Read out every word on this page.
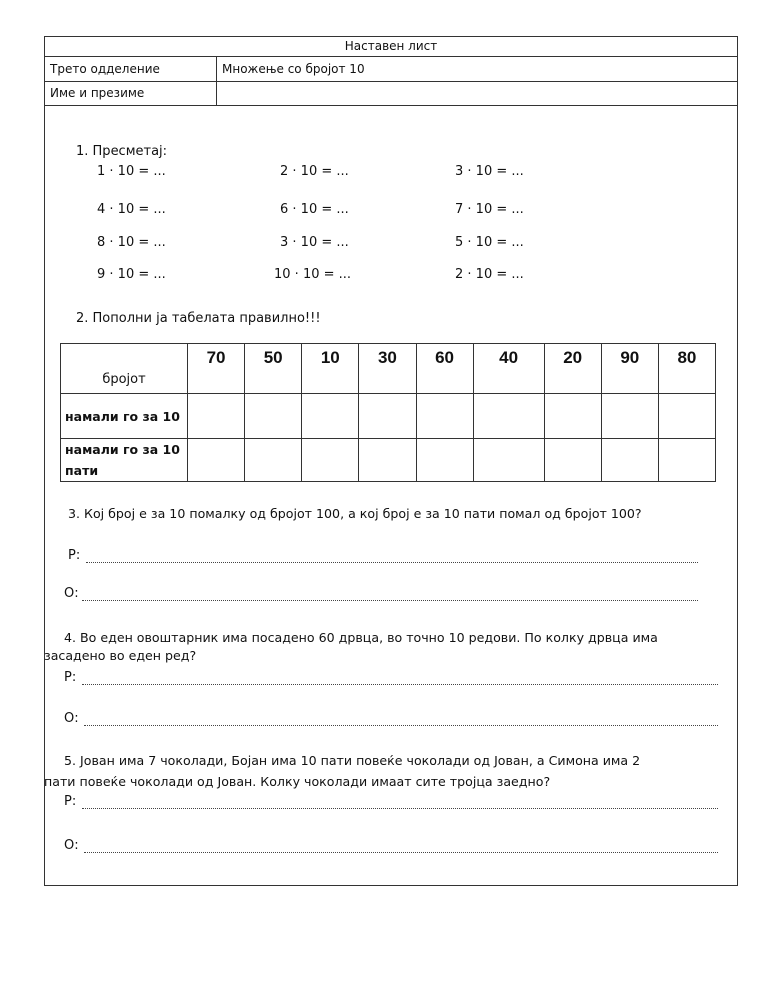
Наставен лист
Трето одделение	Множење со бројот 10
Име и презиме
1. Пресметај:
1 · 10 = ...	2 · 10 = ...	3 · 10 = ...
4 · 10 = ...	6 · 10 = ...	7 · 10 = ...
8 · 10 = ...	3 · 10 = ...	5 · 10 = ...
9 · 10 = ...	10 · 10 = ...	2 · 10 = ...
2. Пополни ја табелата правилно!!!
бројот	70	50	10	30	60	40	20	90	80
намали го за 10									
намали го за 10 пати									
3. Кој број е за 10 помалку од бројот 100, а кој број е за 10 пати помал од бројот 100?
Р:
О:
4. Во еден овоштарник има посадено 60 дрвца, во точно 10 редови. По колку дрвца има
засадено во еден ред?
Р:
О:
5. Јован има 7 чоколади, Бојан има 10 пати повеќе чоколади од Јован, а Симона има 2
пати повеќе чоколади од Јован. Колку чоколади имаат сите тројца заедно?
Р:
О:
